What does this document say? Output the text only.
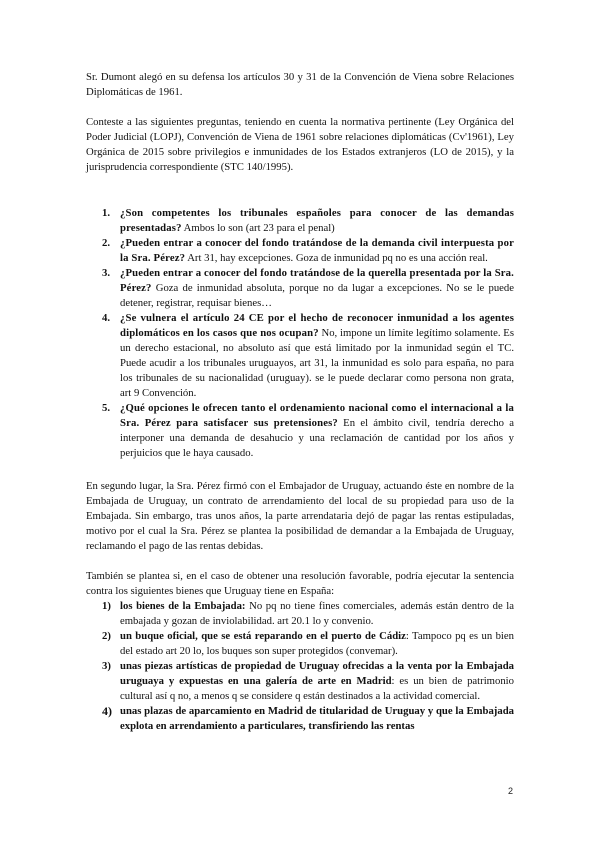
Sr. Dumont alegó en su defensa los artículos 30 y 31 de la Convención de Viena sobre Relaciones Diplomáticas de 1961.

Conteste a las siguientes preguntas, teniendo en cuenta la normativa pertinente (Ley Orgánica del Poder Judicial (LOPJ), Convención de Viena de 1961 sobre relaciones diplomáticas (Cv'1961), Ley Orgánica de 2015 sobre privilegios e inmunidades de los Estados extranjeros (LO de 2015), y la jurisprudencia correspondiente (STC 140/1995).

1. ¿Son competentes los tribunales españoles para conocer de las demandas presentadas? Ambos lo son (art 23 para el penal)
2. ¿Pueden entrar a conocer del fondo tratándose de la demanda civil interpuesta por la Sra. Pérez? Art 31, hay excepciones. Goza de inmunidad pq no es una acción real.
3. ¿Pueden entrar a conocer del fondo tratándose de la querella presentada por la Sra. Pérez? Goza de inmunidad absoluta, porque no da lugar a excepciones. No se le puede detener, registrar, requisar bienes…
4. ¿Se vulnera el artículo 24 CE por el hecho de reconocer inmunidad a los agentes diplomáticos en los casos que nos ocupan? No, impone un límite legítimo solamente. Es un derecho estacional, no absoluto así que está limitado por la inmunidad según el TC. Puede acudir a los tribunales uruguayos, art 31, la inmunidad es solo para españa, no para los tribunales de su nacionalidad (uruguay). se le puede declarar como persona non grata, art 9 Convención.
5. ¿Qué opciones le ofrecen tanto el ordenamiento nacional como el internacional a la Sra. Pérez para satisfacer sus pretensiones? En el ámbito civil, tendría derecho a interponer una demanda de desahucio y una reclamación de cantidad por los años y perjuicios que le haya causado.

En segundo lugar, la Sra. Pérez firmó con el Embajador de Uruguay, actuando éste en nombre de la Embajada de Uruguay, un contrato de arrendamiento del local de su propiedad para uso de la Embajada. Sin embargo, tras unos años, la parte arrendataria dejó de pagar las rentas estipuladas, motivo por el cual la Sra. Pérez se plantea la posibilidad de demandar a la Embajada de Uruguay, reclamando el pago de las rentas debidas.

También se plantea si, en el caso de obtener una resolución favorable, podría ejecutar la sentencia contra los siguientes bienes que Uruguay tiene en España:

1) los bienes de la Embajada: No pq no tiene fines comerciales, además están dentro de la embajada y gozan de inviolabilidad. art 20.1 lo y convenio.
2) un buque oficial, que se está reparando en el puerto de Cádiz: Tampoco pq es un bien del estado art 20 lo, los buques son super protegidos (convemar).
3) unas piezas artísticas de propiedad de Uruguay ofrecidas a la venta por la Embajada uruguaya y expuestas en una galería de arte en Madrid: es un bien de patrimonio cultural así q no, a menos q se considere q están destinados a la actividad comercial.
4) unas plazas de aparcamiento en Madrid de titularidad de Uruguay y que la Embajada explota en arrendamiento a particulares, transfiriendo las rentas
2
